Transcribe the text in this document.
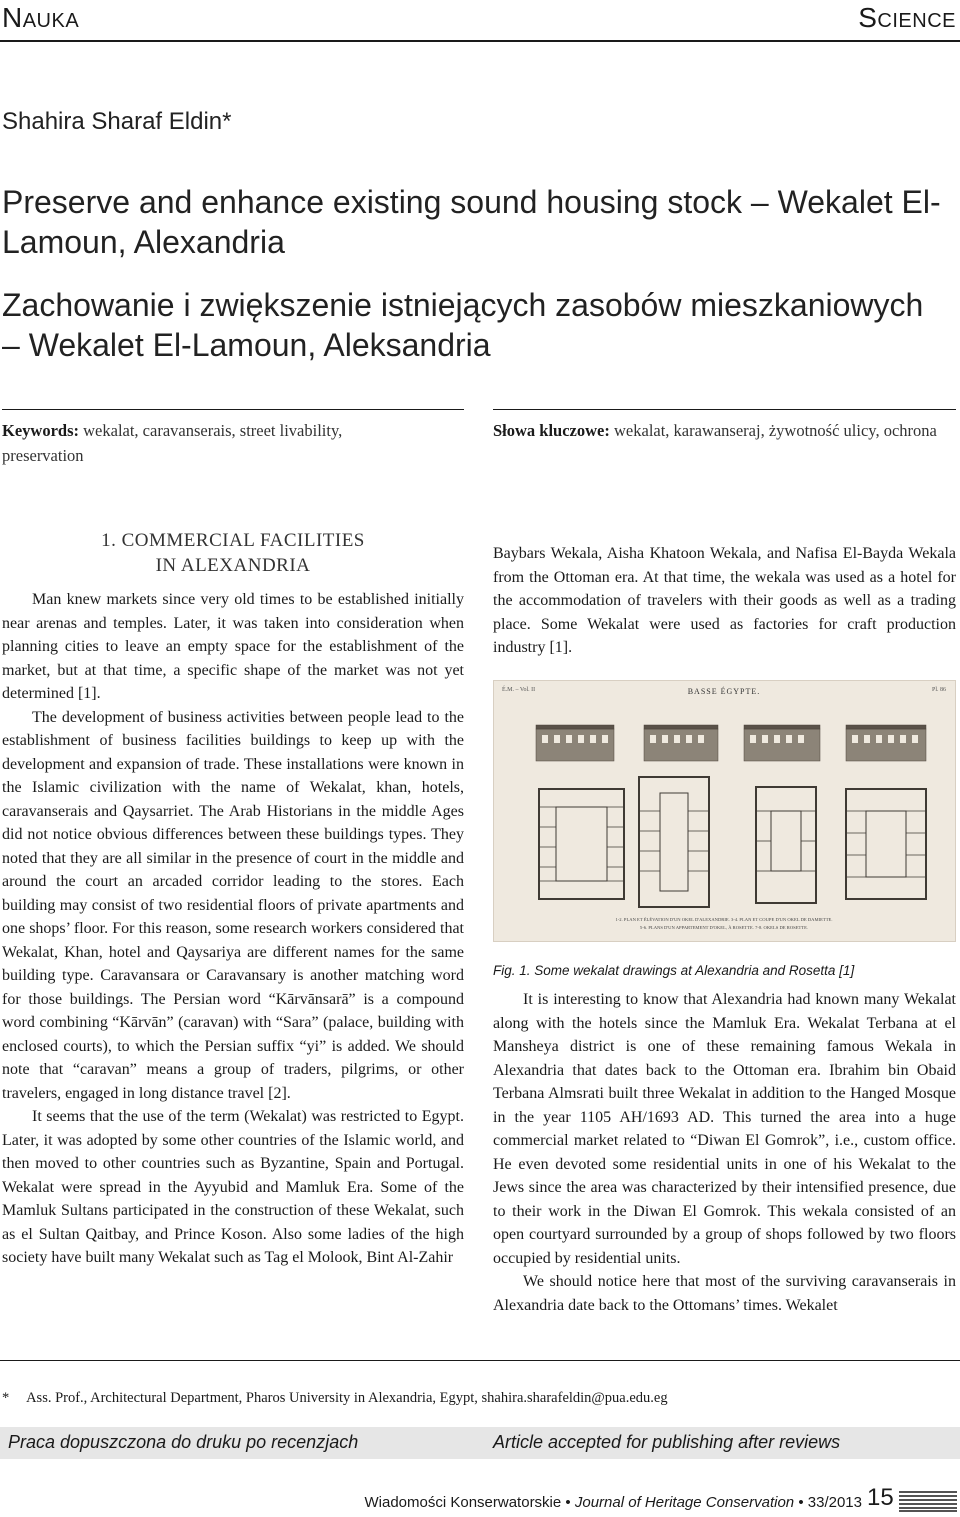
Nauka	Science
Shahira Sharaf Eldin*
Preserve and enhance existing sound housing stock – Wekalet El-Lamoun, Alexandria
Zachowanie i zwiększenie istniejących zasobów mieszkaniowych – Wekalet El-Lamoun, Aleksandria
Keywords: wekalat, caravanserais, street livability, preservation
Słowa kluczowe: wekalat, karawanseraj, żywotność ulicy, ochrona
1. COMMERCIAL FACILITIES
IN ALEXANDRIA

Man knew markets since very old times to be established initially near arenas and temples. Later, it was taken into consideration when planning cities to leave an empty space for the establishment of the market, but at that time, a specific shape of the market was not yet determined [1].

The development of business activities between people lead to the establishment of business facilities buildings to keep up with the development and expansion of trade. These installations were known in the Islamic civilization with the name of Wekalat, khan, hotels, caravanserais and Qaysarriet. The Arab Historians in the middle Ages did not notice obvious differences between these buildings types. They noted that they are all similar in the presence of court in the middle and around the court an arcaded corridor leading to the stores. Each building may consist of two residential floors of private apartments and one shops’ floor. For this reason, some research workers considered that Wekalat, Khan, hotel and Qaysariya are different names for the same building type. Caravansara or Caravansary is another matching word for those buildings. The Persian word “Kārvānsarā” is a compound word combining “Kārvān” (caravan) with “Sara” (palace, building with enclosed courts), to which the Persian suffix “yi” is added. We should note that “caravan” means a group of traders, pilgrims, or other travelers, engaged in long distance travel [2].

It seems that the use of the term (Wekalat) was restricted to Egypt. Later, it was adopted by some other countries of the Islamic world, and then moved to other countries such as Byzantine, Spain and Portugal. Wekalat were spread in the Ayyubid and Mamluk Era. Some of the Mamluk Sultans participated in the construction of these Wekalat, such as el Sultan Qaitbay, and Prince Koson. Also some ladies of the high society have built many Wekalat such as Tag el Molook, Bint Al-Zahir

Baybars Wekala, Aisha Khatoon Wekala, and Nafisa El-Bayda Wekala from the Ottoman era. At that time, the wekala was used as a hotel for the accommodation of travelers with their goods as well as a trading place. Some Wekalat were used as factories for craft production industry [1].

É.M. – Vol. II	BASSE ÉGYPTE.	Pl. 86
1-2. PLAN ET ÉLÉVATION D'UN OKEL D'ALEXANDRIE. 3-4. PLAN ET COUPE D'UN OKEL DE DAMIETTE.
5-6. PLANS D'UN APPARTEMENT D'OKEL, À ROSETTE. 7-8. OKELS DE ROSETTE.
Fig. 1. Some wekalat drawings at Alexandria and Rosetta [1]

It is interesting to know that Alexandria had known many Wekalat along with the hotels since the Mamluk Era. Wekalat Terbana at el Mansheya district is one of these remaining famous Wekala in Alexandria that dates back to the Ottoman era. Ibrahim bin Obaid Terbana Almsrati built three Wekalat in addition to the Hanged Mosque in the year 1105 AH/1693 AD. This turned the area into a huge commercial market related to “Diwan El Gomrok”, i.e., custom office. He even devoted some residential units in one of his Wekalat to the Jews since the area was characterized by their intensified presence, due to their work in the Diwan El Gomrok. This wekala consisted of an open courtyard surrounded by a group of shops followed by two floors occupied by residential units.

We should notice here that most of the surviving caravanserais in Alexandria date back to the Ottomans’ times. Wekalet

* Ass. Prof., Architectural Department, Pharos University in Alexandria, Egypt, shahira.sharafeldin@pua.edu.eg
Praca dopuszczona do druku po recenzjach	Article accepted for publishing after reviews
Wiadomości Konserwatorskie • Journal of Heritage Conservation • 33/2013 15
